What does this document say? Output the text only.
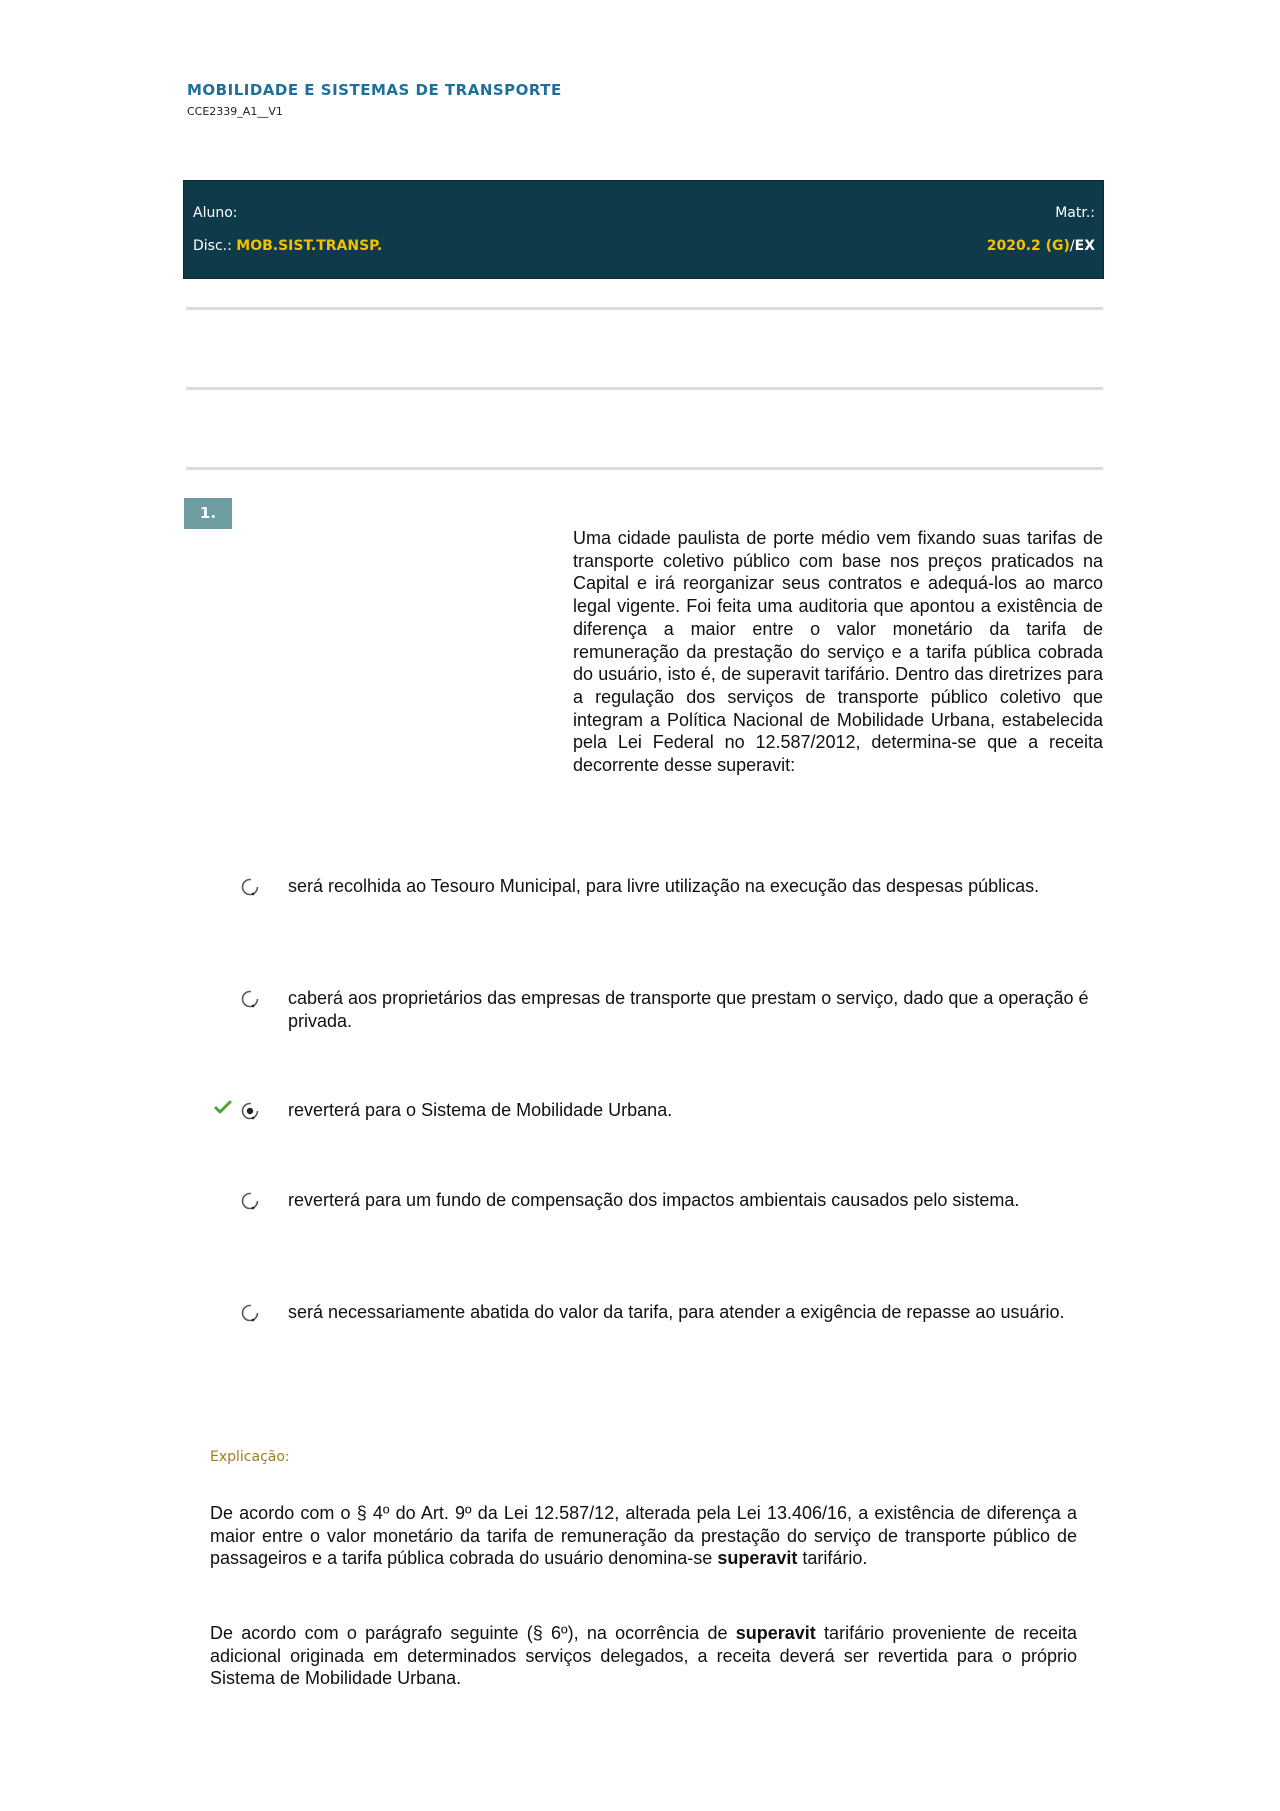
MOBILIDADE E SISTEMAS DE TRANSPORTE
CCE2339_A1__V1
Aluno:	Matr.:
Disc.: MOB.SIST.TRANSP.	2020.2 (G)/EX
1.
Uma cidade paulista de porte médio vem fixando suas tarifas de transporte coletivo público com base nos preços praticados na Capital e irá reorganizar seus contratos e adequá-los ao marco legal vigente. Foi feita uma auditoria que apontou a existência de diferença a maior entre o valor monetário da tarifa de remuneração da prestação do serviço e a tarifa pública cobrada do usuário, isto é, de superavit tarifário. Dentro das diretrizes para a regulação dos serviços de transporte público coletivo que integram a Política Nacional de Mobilidade Urbana, estabelecida pela Lei Federal no 12.587/2012, determina-se que a receita decorrente desse superavit:
será recolhida ao Tesouro Municipal, para livre utilização na execução das despesas públicas.
caberá aos proprietários das empresas de transporte que prestam o serviço, dado que a operação é privada.
reverterá para o Sistema de Mobilidade Urbana.
reverterá para um fundo de compensação dos impactos ambientais causados pelo sistema.
será necessariamente abatida do valor da tarifa, para atender a exigência de repasse ao usuário.
Explicação:

De acordo com o § 4º do Art. 9º da Lei 12.587/12, alterada pela Lei 13.406/16, a existência de diferença a maior entre o valor monetário da tarifa de remuneração da prestação do serviço de transporte público de passageiros e a tarifa pública cobrada do usuário denomina-se superavit tarifário.

De acordo com o parágrafo seguinte (§ 6º), na ocorrência de superavit tarifário proveniente de receita adicional originada em determinados serviços delegados, a receita deverá ser revertida para o próprio Sistema de Mobilidade Urbana.
